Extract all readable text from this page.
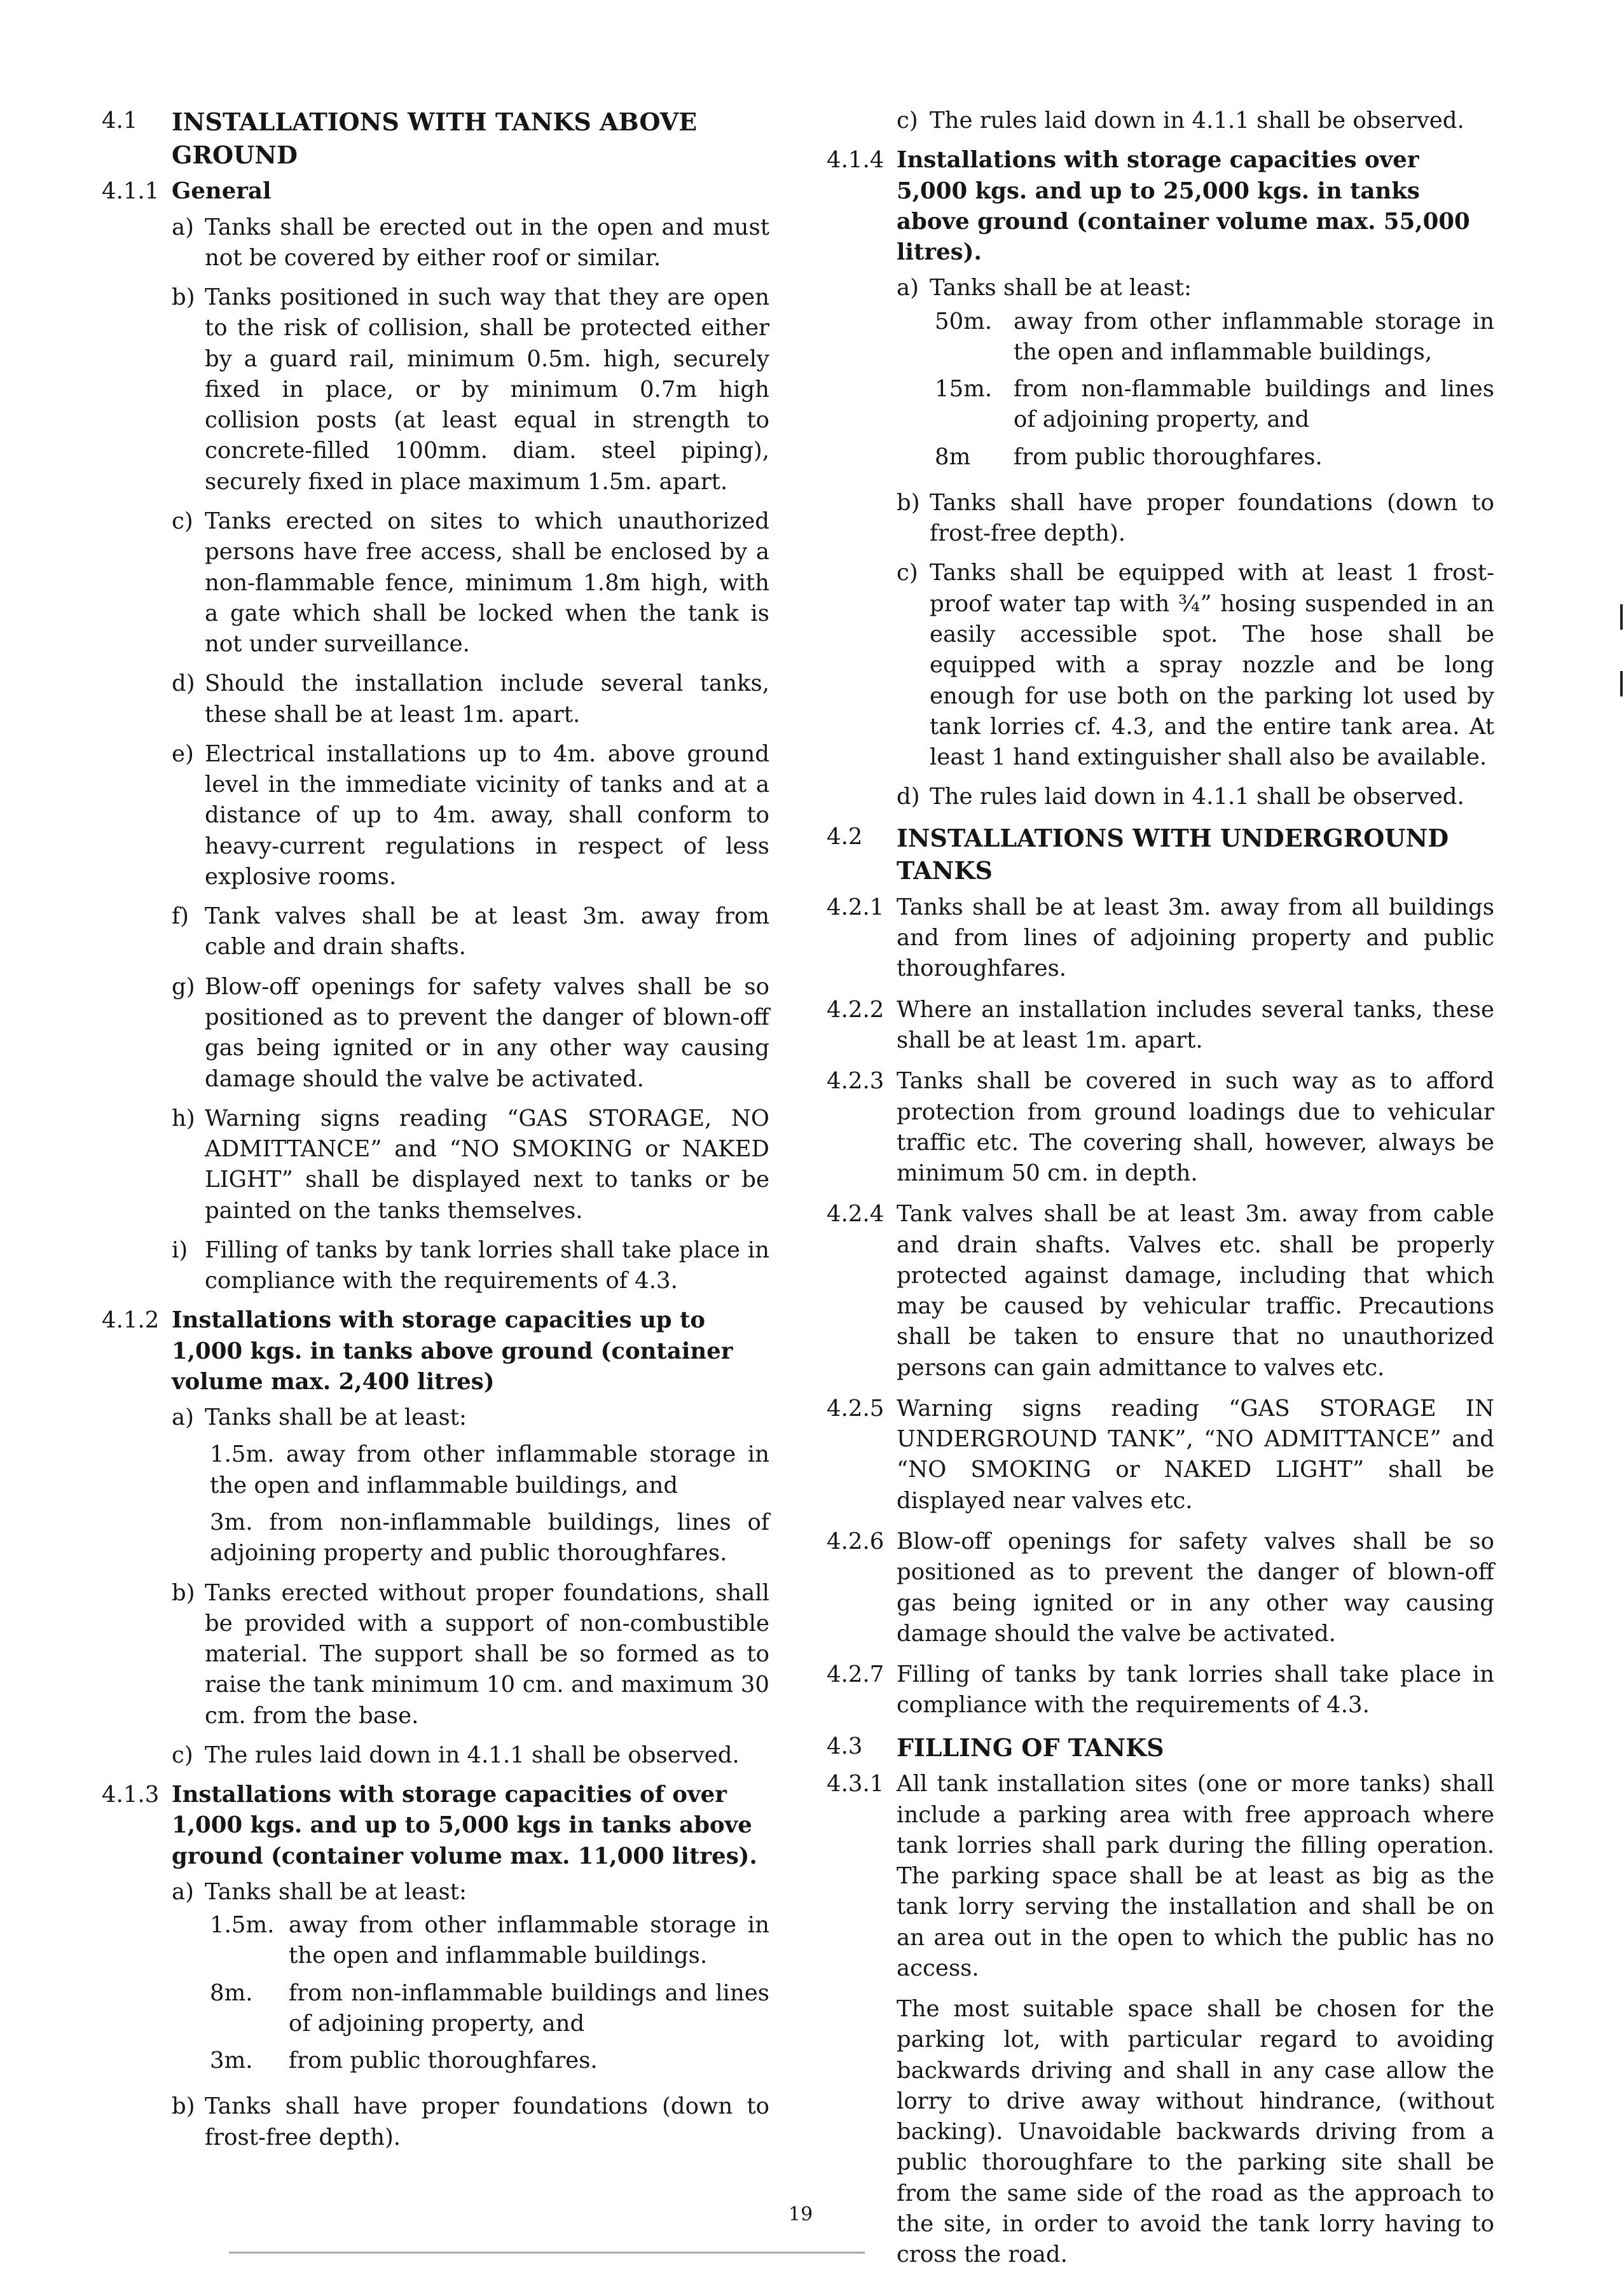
4.1	INSTALLATIONS WITH TANKS ABOVE GROUND
4.1.1 General
a) Tanks shall be erected out in the open and must not be covered by either roof or similar.
b) Tanks positioned in such way that they are open to the risk of collision, shall be protected either by a guard rail, minimum 0.5m. high, securely fixed in place, or by minimum 0.7m high collision posts (at least equal in strength to concrete-filled 100mm. diam. steel piping), securely fixed in place maximum 1.5m. apart.
c) Tanks erected on sites to which unauthorized persons have free access, shall be enclosed by a non-flammable fence, minimum 1.8m high, with a gate which shall be locked when the tank is not under surveillance.
d) Should the installation include several tanks, these shall be at least 1m. apart.
e) Electrical installations up to 4m. above ground level in the immediate vicinity of tanks and at a distance of up to 4m. away, shall conform to heavy-current regulations in respect of less explosive rooms.
f) Tank valves shall be at least 3m. away from cable and drain shafts.
g) Blow-off openings for safety valves shall be so positioned as to prevent the danger of blown-off gas being ignited or in any other way causing damage should the valve be activated.
h) Warning signs reading “GAS STORAGE, NO ADMITTANCE” and “NO SMOKING or NAKED LIGHT” shall be displayed next to tanks or be painted on the tanks themselves.
i) Filling of tanks by tank lorries shall take place in compliance with the requirements of 4.3.
4.1.2 Installations with storage capacities up to 1,000 kgs. in tanks above ground (container volume max. 2,400 litres)
a) Tanks shall be at least:
1.5m. away from other inflammable storage in the open and inflammable buildings, and
3m. from non-inflammable buildings, lines of adjoining property and public thoroughfares.
b) Tanks erected without proper foundations, shall be provided with a support of non-combustible material. The support shall be so formed as to raise the tank minimum 10 cm. and maximum 30 cm. from the base.
c) The rules laid down in 4.1.1 shall be observed.
4.1.3 Installations with storage capacities of over 1,000 kgs. and up to 5,000 kgs in tanks above ground (container volume max. 11,000 litres).
a) Tanks shall be at least:
1.5m. away from other inflammable storage in the open and inflammable buildings.
8m.	from non-inflammable buildings and lines of adjoining property, and
3m.	from public thoroughfares.
b) Tanks shall have proper foundations (down to frost-free depth).
c) The rules laid down in 4.1.1 shall be observed.
4.1.4 Installations with storage capacities over 5,000 kgs. and up to 25,000 kgs. in tanks above ground (container volume max. 55,000 litres).
a) Tanks shall be at least:
50m. away from other inflammable storage in the open and inflammable buildings,
15m. from non-flammable buildings and lines of adjoining property, and
8m	from public thoroughfares.
b) Tanks shall have proper foundations (down to frost-free depth).
c) Tanks shall be equipped with at least 1 frost-proof water tap with ¾” hosing suspended in an easily accessible spot. The hose shall be equipped with a spray nozzle and be long enough for use both on the parking lot used by tank lorries cf. 4.3, and the entire tank area. At least 1 hand extinguisher shall also be available.
d) The rules laid down in 4.1.1 shall be observed.
4.2	INSTALLATIONS WITH UNDERGROUND TANKS
4.2.1 Tanks shall be at least 3m. away from all buildings and from lines of adjoining property and public thoroughfares.
4.2.2 Where an installation includes several tanks, these shall be at least 1m. apart.
4.2.3 Tanks shall be covered in such way as to afford protection from ground loadings due to vehicular traffic etc. The covering shall, however, always be minimum 50 cm. in depth.
4.2.4 Tank valves shall be at least 3m. away from cable and drain shafts. Valves etc. shall be properly protected against damage, including that which may be caused by vehicular traffic. Precautions shall be taken to ensure that no unauthorized persons can gain admittance to valves etc.
4.2.5 Warning signs reading “GAS STORAGE IN UNDERGROUND TANK”, “NO ADMITTANCE” and “NO SMOKING or NAKED LIGHT” shall be displayed near valves etc.
4.2.6 Blow-off openings for safety valves shall be so positioned as to prevent the danger of blown-off gas being ignited or in any other way causing damage should the valve be activated.
4.2.7 Filling of tanks by tank lorries shall take place in compliance with the requirements of 4.3.
4.3	FILLING OF TANKS
4.3.1 All tank installation sites (one or more tanks) shall include a parking area with free approach where tank lorries shall park during the filling operation. The parking space shall be at least as big as the tank lorry serving the installation and shall be on an area out in the open to which the public has no access.
The most suitable space shall be chosen for the parking lot, with particular regard to avoiding backwards driving and shall in any case allow the lorry to drive away without hindrance, (without backing). Unavoidable backwards driving from a public thoroughfare to the parking site shall be from the same side of the road as the approach to the site, in order to avoid the tank lorry having to cross the road.
19
